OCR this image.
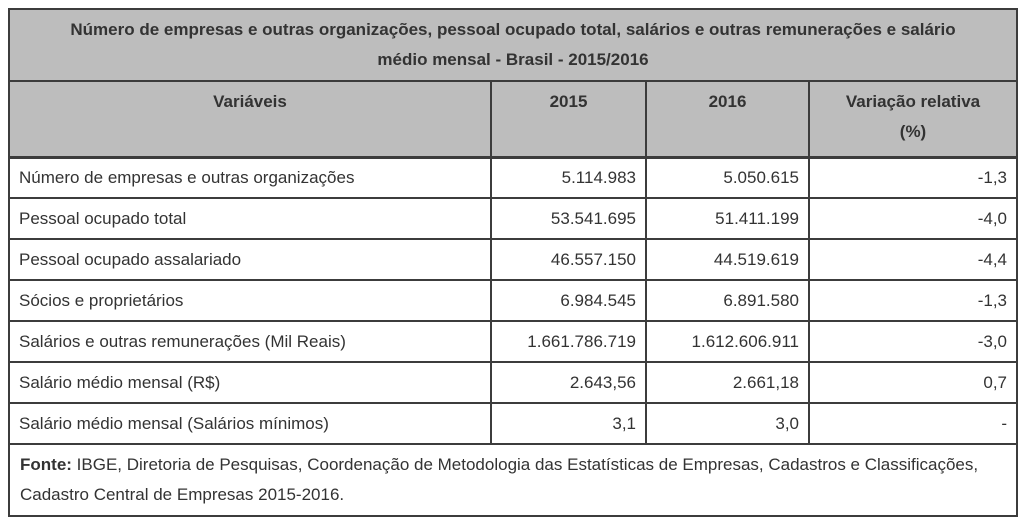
Número de empresas e outras organizações, pessoal ocupado total, salários e outras remunerações e salário médio mensal - Brasil - 2015/2016			
Variáveis	2015	2016	Variação relativa
(%)

Número de empresas e outras organizações	5.114.983	5.050.615	-1,3
Pessoal ocupado total	53.541.695	51.411.199	-4,0
Pessoal ocupado assalariado	46.557.150	44.519.619	-4,4
Sócios e proprietários	6.984.545	6.891.580	-1,3
Salários e outras remunerações (Mil Reais)	1.661.786.719	1.612.606.911	-3,0
Salário médio mensal (R$)	2.643,56	2.661,18	0,7
Salário médio mensal (Salários mínimos)	3,1	3,0	-
Fonte: IBGE, Diretoria de Pesquisas, Coordenação de Metodologia das Estatísticas de Empresas, Cadastros e Classificações, Cadastro Central de Empresas 2015-2016.			
